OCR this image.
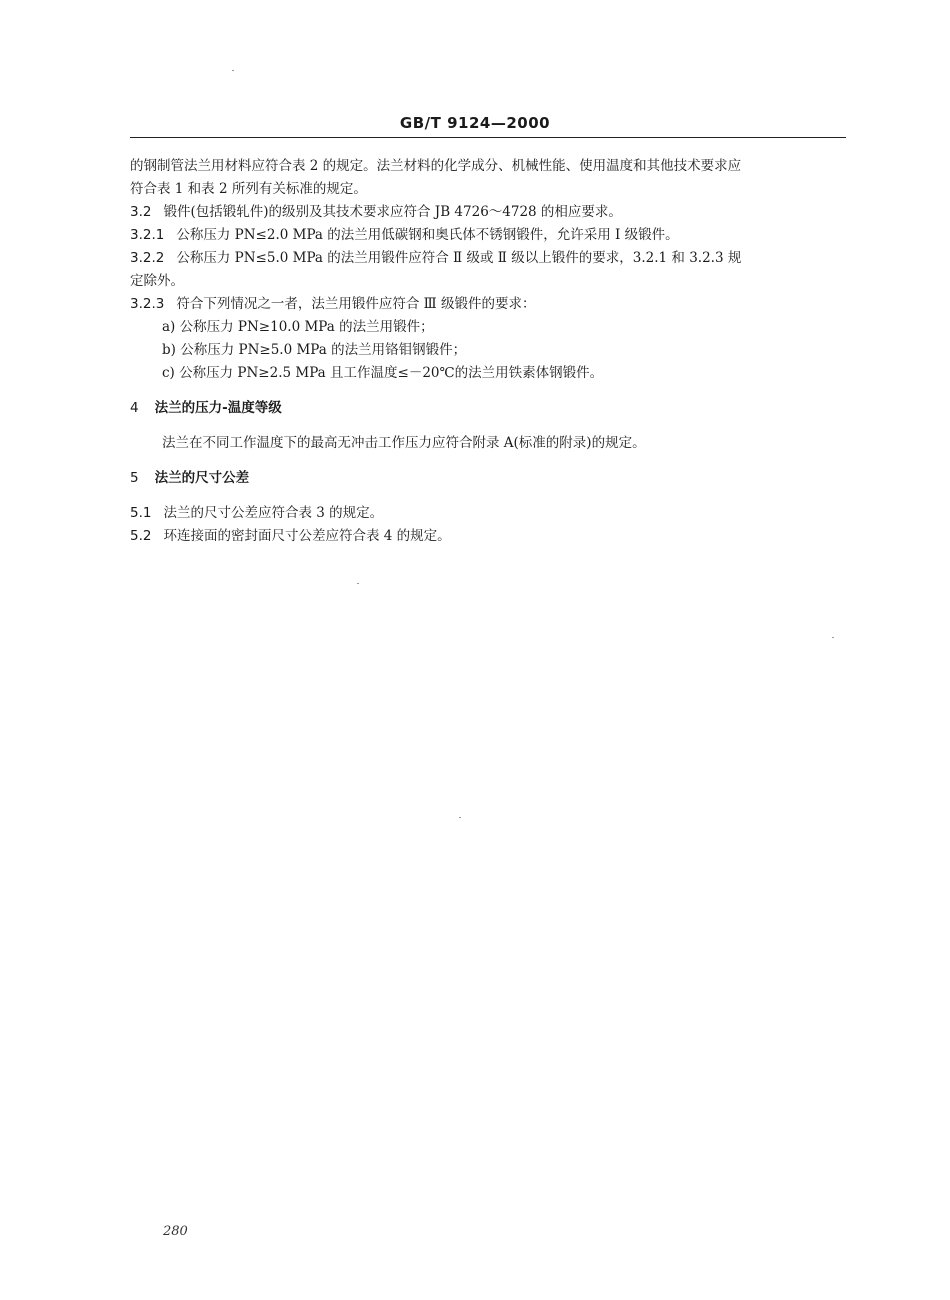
GB/T 9124—2000

的钢制管法兰用材料应符合表 2 的规定。法兰材料的化学成分、机械性能、使用温度和其他技术要求应

符合表 1 和表 2 所列有关标准的规定。

3.2 锻件(包括锻轧件)的级别及其技术要求应符合 JB 4726～4728 的相应要求。

3.2.1 公称压力 PN≤2.0 MPa 的法兰用低碳钢和奥氏体不锈钢锻件，允许采用 I 级锻件。

3.2.2 公称压力 PN≤5.0 MPa 的法兰用锻件应符合 Ⅱ 级或 Ⅱ 级以上锻件的要求，3.2.1 和 3.2.3 规

定除外。

3.2.3 符合下列情况之一者，法兰用锻件应符合 Ⅲ 级锻件的要求：

a) 公称压力 PN≥10.0 MPa 的法兰用锻件；

b) 公称压力 PN≥5.0 MPa 的法兰用铬钼钢锻件；

c) 公称压力 PN≥2.5 MPa 且工作温度≤－20℃的法兰用铁素体钢锻件。

4 法兰的压力-温度等级

法兰在不同工作温度下的最高无冲击工作压力应符合附录 A(标准的附录)的规定。

5 法兰的尺寸公差

5.1 法兰的尺寸公差应符合表 3 的规定。

5.2 环连接面的密封面尺寸公差应符合表 4 的规定。

280
